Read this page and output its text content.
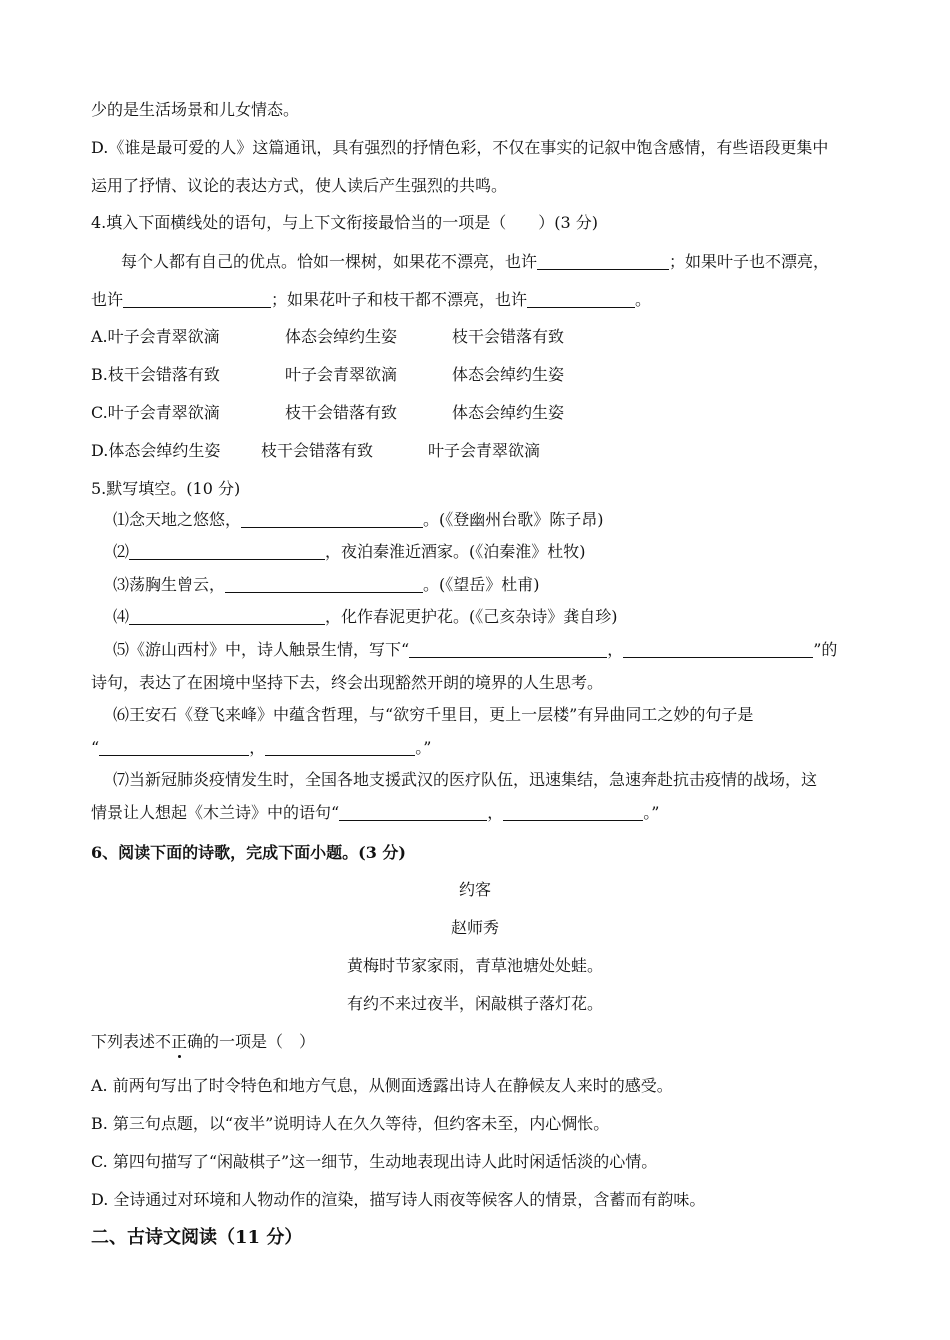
少的是生活场景和儿女情态。
D.《谁是最可爱的人》这篇通讯，具有强烈的抒情色彩，不仅在事实的记叙中饱含感情，有些语段更集中
运用了抒情、议论的表达方式，使人读后产生强烈的共鸣。
4.填入下面横线处的语句，与上下文衔接最恰当的一项是（　　）(3 分)
每个人都有自己的优点。恰如一棵树，如果花不漂亮，也许	；如果叶子也不漂亮，
也许	；如果花叶子和枝干都不漂亮，也许	。
A.叶子会青翠欲滴	体态会绰约生姿	枝干会错落有致
B.枝干会错落有致	叶子会青翠欲滴	体态会绰约生姿
C.叶子会青翠欲滴	枝干会错落有致	体态会绰约生姿
D.体态会绰约生姿	枝干会错落有致	叶子会青翠欲滴
5.默写填空。(10 分)
⑴念天地之悠悠，	。(《登幽州台歌》陈子昂)
⑵	，夜泊秦淮近酒家。(《泊秦淮》杜牧)
⑶荡胸生曾云，	。(《望岳》杜甫)
⑷	，化作春泥更护花。(《己亥杂诗》龚自珍)
⑸《游山西村》中，诗人触景生情，写下“	，	”的
诗句，表达了在困境中坚持下去，终会出现豁然开朗的境界的人生思考。
⑹王安石《登飞来峰》中蕴含哲理，与“欲穷千里目，更上一层楼”有异曲同工之妙的句子是
“	，	。”
⑺当新冠肺炎疫情发生时，全国各地支援武汉的医疗队伍，迅速集结，急速奔赴抗击疫情的战场，这
情景让人想起《木兰诗》中的语句“	，	。”
6、阅读下面的诗歌，完成下面小题。(3 分)
约客
赵师秀
黄梅时节家家雨，青草池塘处处蛙。
有约不来过夜半，闲敲棋子落灯花。
下列表述不正确的一项是（　）
A. 前两句写出了时令特色和地方气息，从侧面透露出诗人在静候友人来时的感受。
B. 第三句点题，以“夜半”说明诗人在久久等待，但约客未至，内心惆怅。
C. 第四句描写了“闲敲棋子”这一细节，生动地表现出诗人此时闲适恬淡的心情。
D. 全诗通过对环境和人物动作的渲染，描写诗人雨夜等候客人的情景，含蓄而有韵味。
二、古诗文阅读（11 分）
